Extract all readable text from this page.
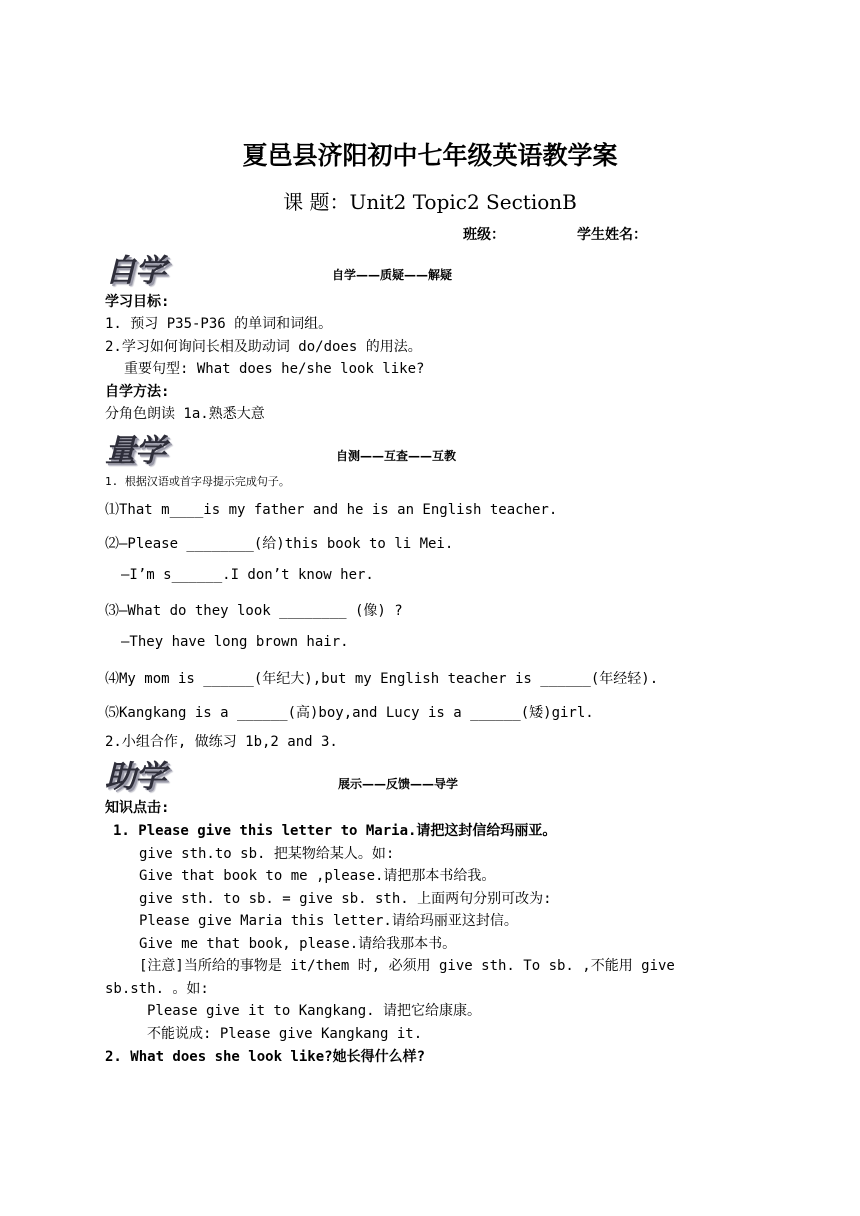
夏邑县济阳初中七年级英语教学案
课 题：Unit2 Topic2 SectionB
班级：	学生姓名：
自学	自学——质疑——解疑
学习目标:
1. 预习 P35-P36 的单词和词组。
2.学习如何询问长相及助动词 do/does 的用法。
重要句型: What does he/she look like?
自学方法:
分角色朗读 1a.熟悉大意
量学	自测——互查——互教
1. 根据汉语或首字母提示完成句子。
⑴That m____is my father and he is an English teacher.
⑵—Please ________(给)this book to li Mei.
—I’m s______.I don’t know her.
⑶—What do they look ________ (像) ?
—They have long brown hair.
⑷My mom is ______(年纪大),but my English teacher is ______(年经轻).
⑸Kangkang is a ______(高)boy,and Lucy is a ______(矮)girl.
2.小组合作, 做练习 1b,2 and 3.
助学	展示——反馈——导学
知识点击:
1. Please give this letter to Maria.请把这封信给玛丽亚。
give sth.to sb. 把某物给某人。如:
Give that book to me ,please.请把那本书给我。
give sth. to sb. = give sb. sth. 上面两句分别可改为:
Please give Maria this letter.请给玛丽亚这封信。
Give me that book, please.请给我那本书。
[注意]当所给的事物是 it/them 时, 必须用 give sth. To sb. ,不能用 give
sb.sth. 。如:
Please give it to Kangkang. 请把它给康康。
不能说成: Please give Kangkang it.
2. What does she look like?她长得什么样?
